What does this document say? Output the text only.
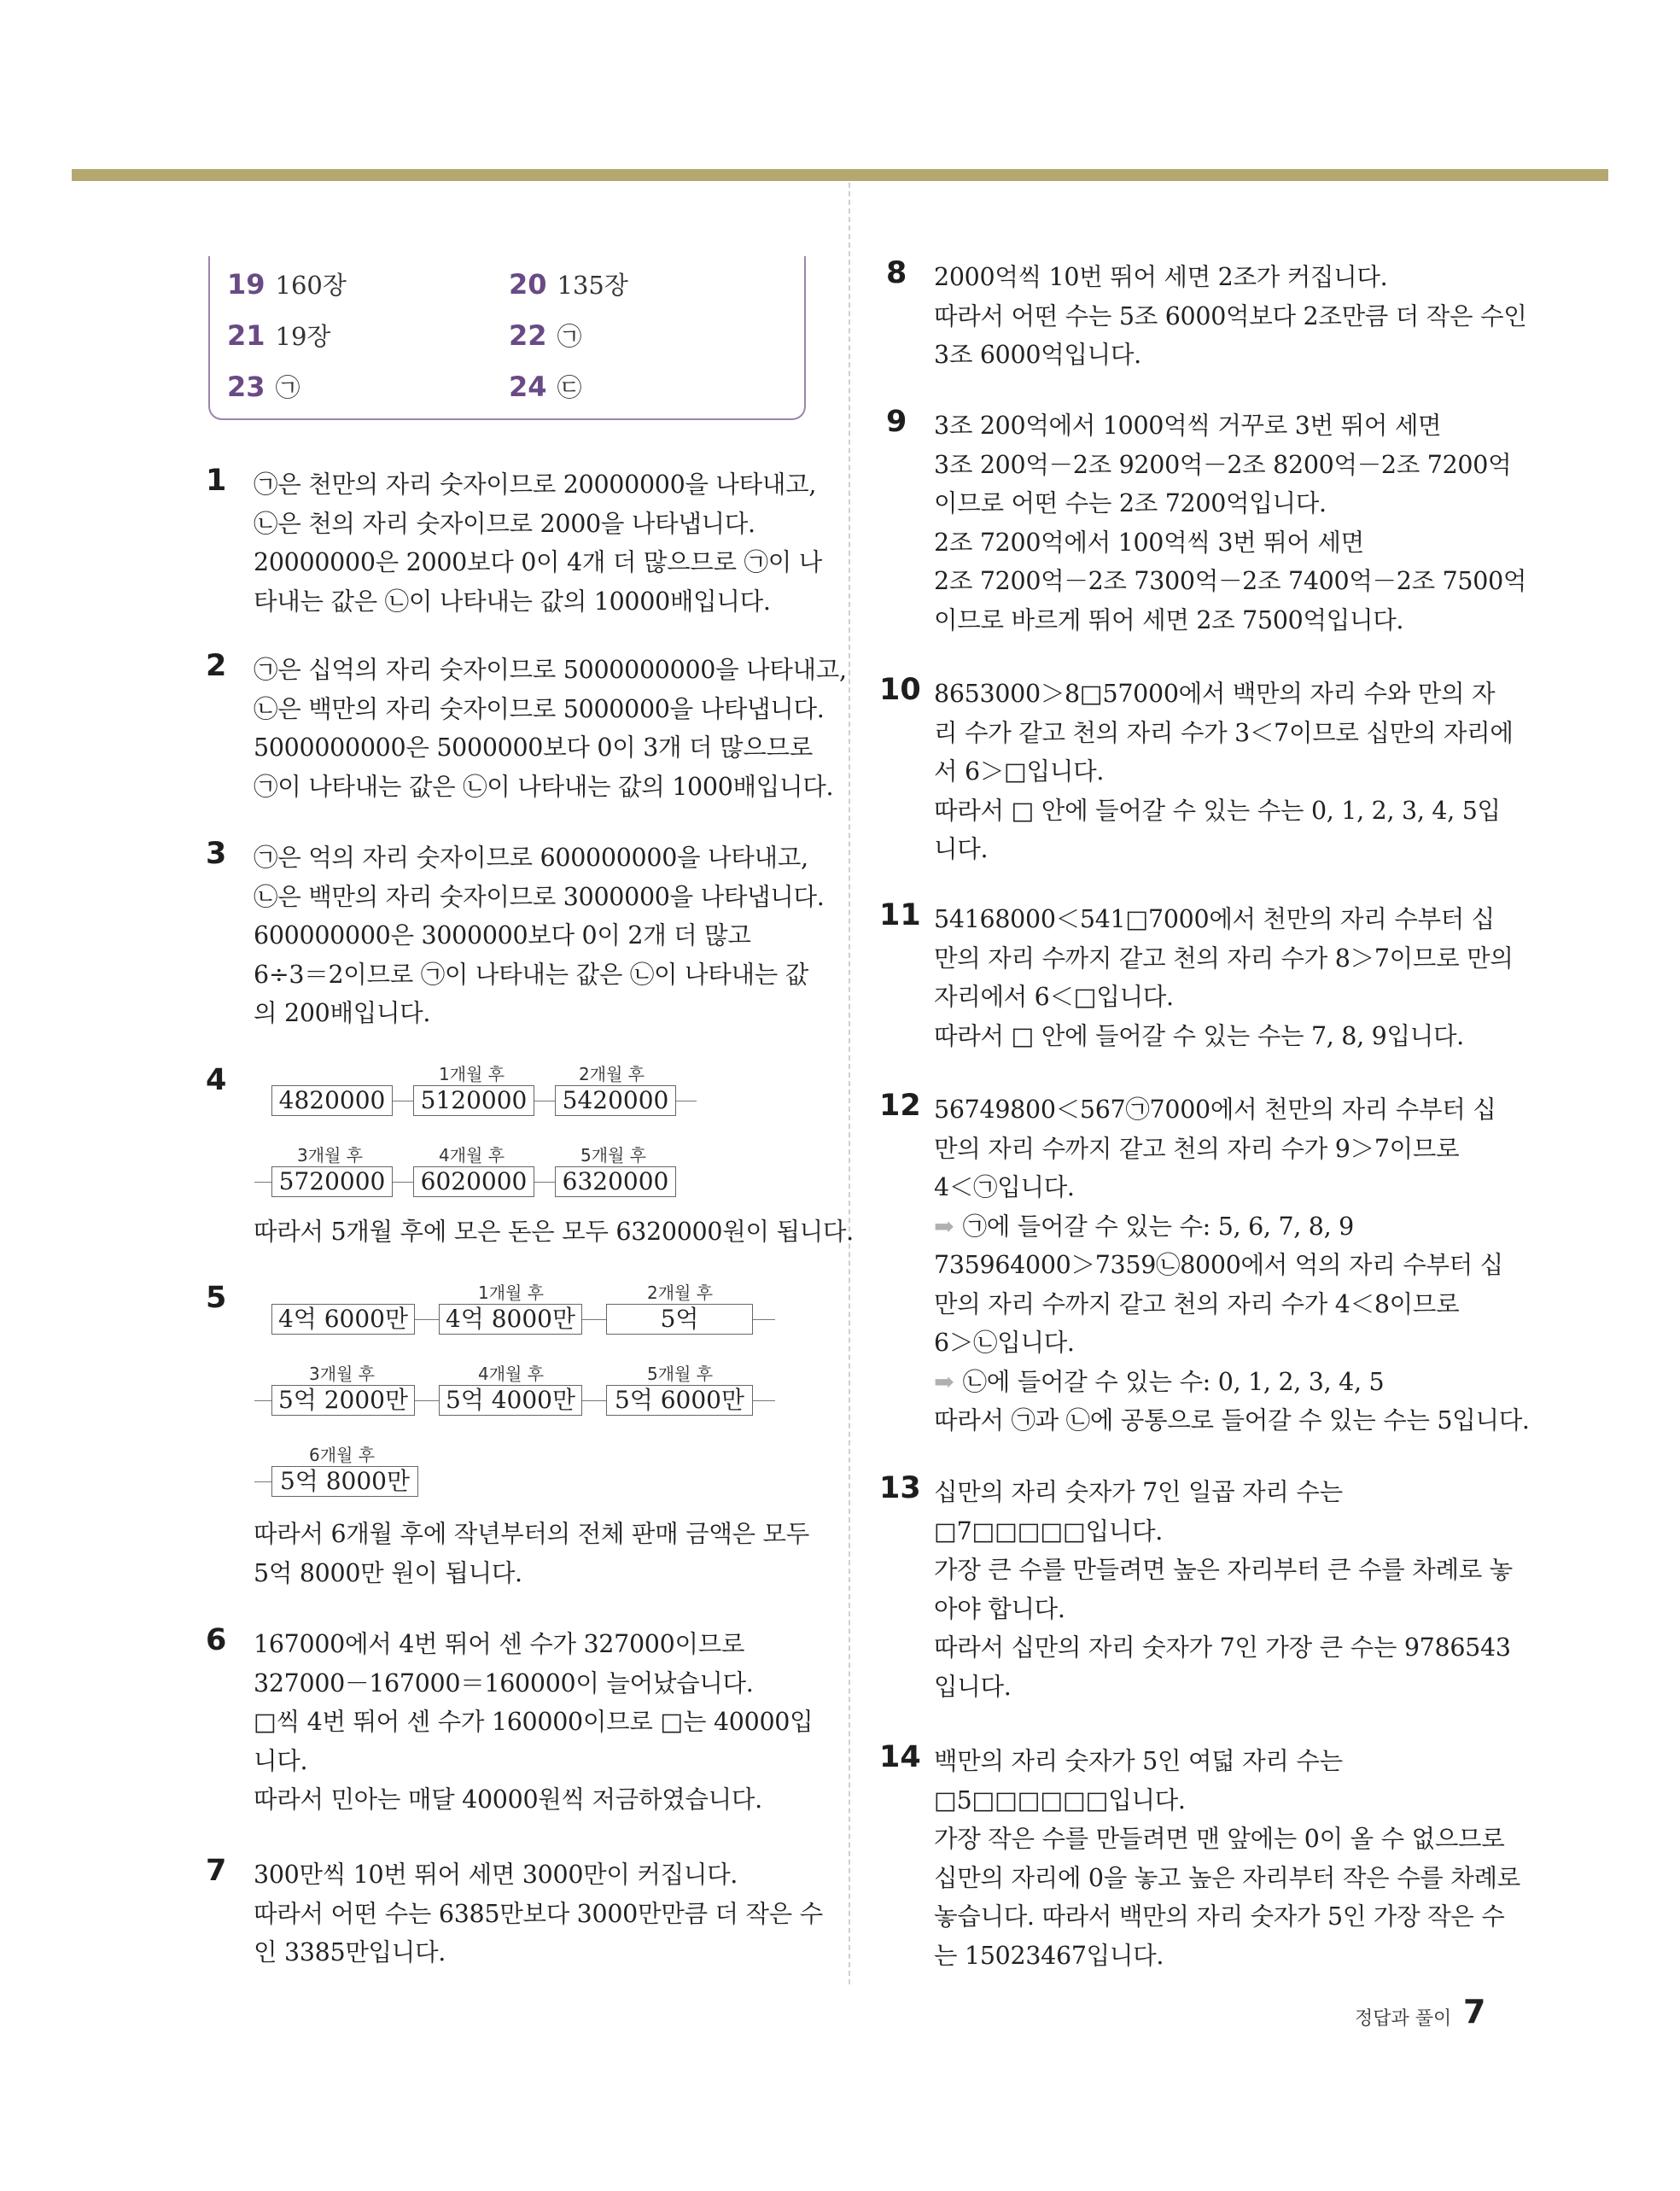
19 160장	20 135장
21 19장	22 ㉠
23 ㉠	24 ㉢
1 ㉠은 천만의 자리 숫자이므로 20000000을 나타내고,
㉡은 천의 자리 숫자이므로 2000을 나타냅니다.
20000000은 2000보다 0이 4개 더 많으므로 ㉠이 나
타내는 값은 ㉡이 나타내는 값의 10000배입니다.
2 ㉠은 십억의 자리 숫자이므로 5000000000을 나타내고,
㉡은 백만의 자리 숫자이므로 5000000을 나타냅니다.
5000000000은 5000000보다 0이 3개 더 많으므로
㉠이 나타내는 값은 ㉡이 나타내는 값의 1000배입니다.
3 ㉠은 억의 자리 숫자이므로 600000000을 나타내고,
㉡은 백만의 자리 숫자이므로 3000000을 나타냅니다.
600000000은 3000000보다 0이 2개 더 많고
6÷3＝2이므로 ㉠이 나타내는 값은 ㉡이 나타내는 값
의 200배입니다.
4	1개월 후	2개월 후
4820000	5120000	5420000
3개월 후	4개월 후	5개월 후
5720000	6020000	6320000
따라서 5개월 후에 모은 돈은 모두 6320000원이 됩니다.
5	1개월 후	2개월 후
4억 6000만 4억 8000만	5억
3개월 후	4개월 후	5개월 후
5억 2000만 5억 4000만	5억 6000만
6개월 후
5억 8000만
따라서 6개월 후에 작년부터의 전체 판매 금액은 모두
5억 8000만 원이 됩니다.
6 167000에서 4번 뛰어 센 수가 327000이므로
327000－167000＝160000이 늘어났습니다.
□씩 4번 뛰어 센 수가 160000이므로 □는 40000입
니다.
따라서 민아는 매달 40000원씩 저금하였습니다.
7 300만씩 10번 뛰어 세면 3000만이 커집니다.
따라서 어떤 수는 6385만보다 3000만만큼 더 작은 수
인 3385만입니다.
8 2000억씩 10번 뛰어 세면 2조가 커집니다.
따라서 어떤 수는 5조 6000억보다 2조만큼 더 작은 수인
3조 6000억입니다.
9 3조 200억에서 1000억씩 거꾸로 3번 뛰어 세면
3조 200억－2조 9200억－2조 8200억－2조 7200억
이므로 어떤 수는 2조 7200억입니다.
2조 7200억에서 100억씩 3번 뛰어 세면
2조 7200억－2조 7300억－2조 7400억－2조 7500억
이므로 바르게 뛰어 세면 2조 7500억입니다.
10 8653000＞8□57000에서 백만의 자리 수와 만의 자
리 수가 같고 천의 자리 수가 3＜7이므로 십만의 자리에
서 6＞□입니다.
따라서 □ 안에 들어갈 수 있는 수는 0, 1, 2, 3, 4, 5입
니다.
11 54168000＜541□7000에서 천만의 자리 수부터 십
만의 자리 수까지 같고 천의 자리 수가 8＞7이므로 만의
자리에서 6＜□입니다.
따라서 □ 안에 들어갈 수 있는 수는 7, 8, 9입니다.
12 56749800＜567㉠7000에서 천만의 자리 수부터 십
만의 자리 수까지 같고 천의 자리 수가 9＞7이므로
4＜㉠입니다.
➡ ㉠에 들어갈 수 있는 수: 5, 6, 7, 8, 9
735964000＞7359㉡8000에서 억의 자리 수부터 십
만의 자리 수까지 같고 천의 자리 수가 4＜8이므로
6＞㉡입니다.
➡ ㉡에 들어갈 수 있는 수: 0, 1, 2, 3, 4, 5
따라서 ㉠과 ㉡에 공통으로 들어갈 수 있는 수는 5입니다.
13 십만의 자리 숫자가 7인 일곱 자리 수는
□7□□□□□입니다.
가장 큰 수를 만들려면 높은 자리부터 큰 수를 차례로 놓
아야 합니다.
따라서 십만의 자리 숫자가 7인 가장 큰 수는 9786543
입니다.
14 백만의 자리 숫자가 5인 여덟 자리 수는
□5□□□□□□입니다.
가장 작은 수를 만들려면 맨 앞에는 0이 올 수 없으므로
십만의 자리에 0을 놓고 높은 자리부터 작은 수를 차례로
놓습니다. 따라서 백만의 자리 숫자가 5인 가장 작은 수
는 15023467입니다.
정답과 풀이 7
